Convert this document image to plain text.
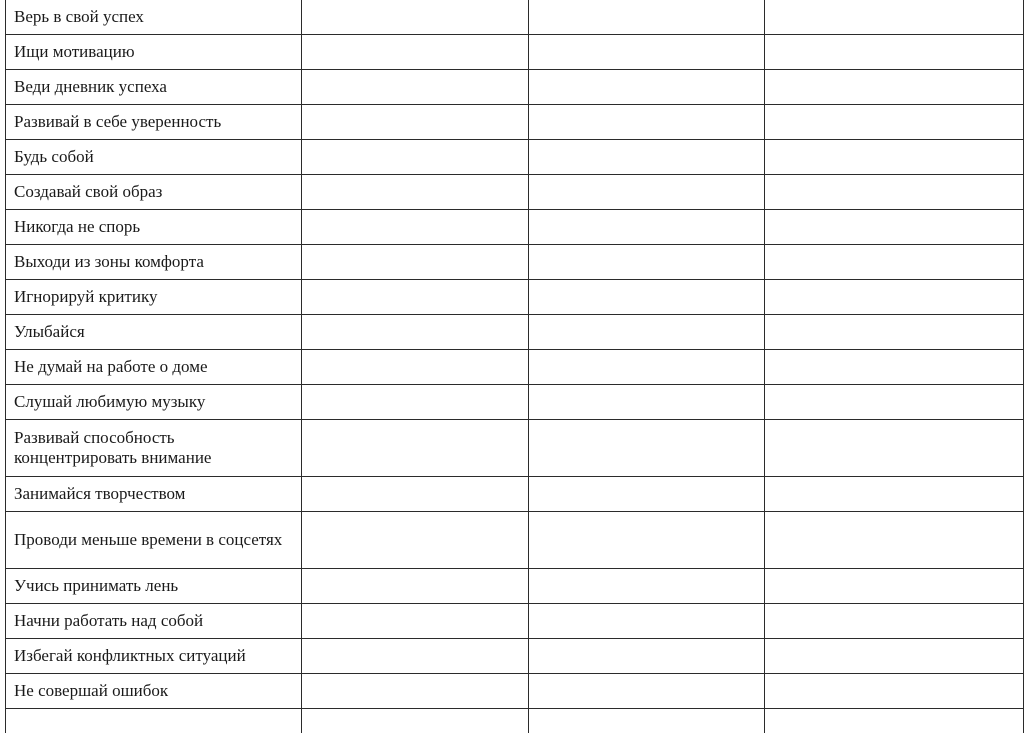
Верь в свой успех			

Ищи мотивацию			

Веди дневник успеха			

Развивай в себе уверенность			

Будь собой			

Создавай свой образ			

Никогда не спорь			

Выходи из зоны комфорта			

Игнорируй критику			

Улыбайся			

Не думай на работе о доме			

Слушай любимую музыку			

Развивай способность концентрировать внимание			

Занимайся творчеством			

Проводи меньше времени в соцсетях			

Учись принимать лень			

Начни работать над собой			

Избегай конфликтных ситуаций			

Не совершай ошибок			
